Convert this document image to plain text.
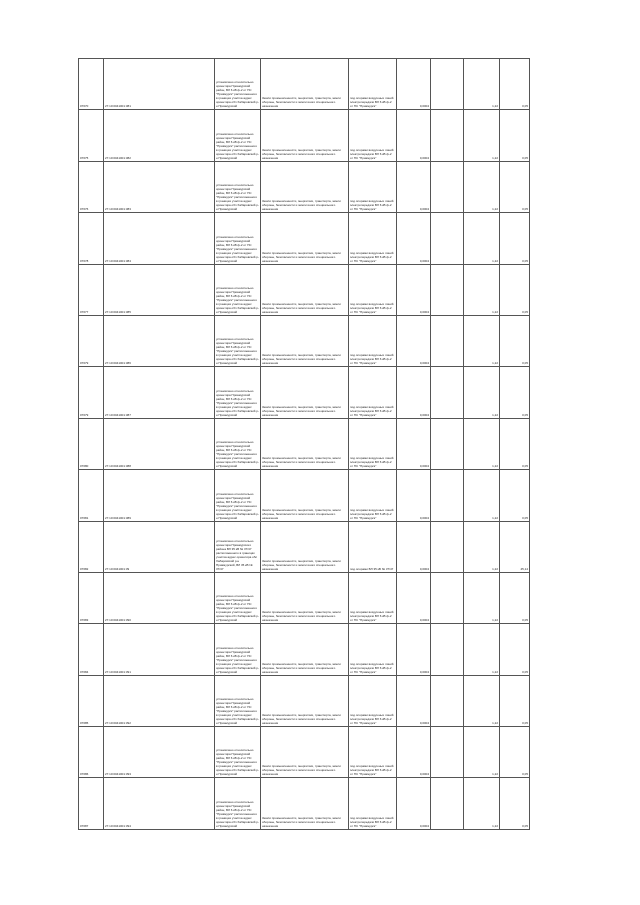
07670	27:10:0041001:381	установлено относительно ориентира Приамурский район, ВЛ 6 кВ ф-2 от ПС "Приамурск" расположенного в границах участка адрес ориентира обл Хабаровский р-н Приамурский	Земли промышленности, энергетики, транспорта, земли обороны, безопасности и земли иного специального назначения	под опорами воздушных линий электропередачи ВЛ 6 кВ ф-2 от ПС "Приамурск"	0,0004		1,22	0,05
07675	27:10:0041001:382	установлено относительно ориентира Приамурский район, ВЛ 6 кВ ф-2 от ПС "Приамурск" расположенного в границах участка адрес ориентира обл Хабаровский р-н Приамурский	Земли промышленности, энергетики, транспорта, земли обороны, безопасности и земли иного специального назначения	под опорами воздушных линий электропередачи ВЛ 6 кВ ф-2 от ПС "Приамурск"	0,0004		1,22	0,05
07676	27:10:0041001:383	установлено относительно ориентира Приамурский район, ВЛ 6 кВ ф-2 от ПС "Приамурск" расположенного в границах участка адрес ориентира обл Хабаровский р-н Приамурский	Земли промышленности, энергетики, транспорта, земли обороны, безопасности и земли иного специального назначения	под опорами воздушных линий электропередачи ВЛ 6 кВ ф-2 от ПС "Приамурск"	0,0004		1,22	0,05
07678	27:10:0041001:384	установлено относительно ориентира Приамурский район, ВЛ 6 кВ ф-2 от ПС "Приамурск" расположенного в границах участка адрес ориентира обл Хабаровский р-н Приамурский	Земли промышленности, энергетики, транспорта, земли обороны, безопасности и земли иного специального назначения	под опорами воздушных линий электропередачи ВЛ 6 кВ ф-2 от ПС "Приамурск"	0,0004		1,22	0,05
07677	27:10:0041001:385	установлено относительно ориентира Приамурский район, ВЛ 6 кВ ф-2 от ПС "Приамурск" расположенного в границах участка адрес ориентира обл Хабаровский р-н Приамурский	Земли промышленности, энергетики, транспорта, земли обороны, безопасности и земли иного специального назначения	под опорами воздушных линий электропередачи ВЛ 6 кВ ф-2 от ПС "Приамурск"	0,0004		1,22	0,05
07679	27:10:0041001:386	установлено относительно ориентира Приамурский район, ВЛ 6 кВ ф-2 от ПС "Приамурск" расположенного в границах участка адрес ориентира обл Хабаровский р-н Приамурский	Земли промышленности, энергетики, транспорта, земли обороны, безопасности и земли иного специального назначения	под опорами воздушных линий электропередачи ВЛ 6 кВ ф-2 от ПС "Приамурск"	0,0004		1,22	0,05
07679	27:10:0041001:387	установлено относительно ориентира Приамурский район, ВЛ 6 кВ ф-2 от ПС "Приамурск" расположенного в границах участка адрес ориентира обл Хабаровский р-н Приамурский	Земли промышленности, энергетики, транспорта, земли обороны, безопасности и земли иного специального назначения	под опорами воздушных линий электропередачи ВЛ 6 кВ ф-2 от ПС "Приамурск"	0,0004		1,22	0,05
07680	27:10:0041001:388	установлено относительно ориентира Приамурский район, ВЛ 6 кВ ф-2 от ПС "Приамурск" расположенного в границах участка адрес ориентира обл Хабаровский р-н Приамурский	Земли промышленности, энергетики, транспорта, земли обороны, безопасности и земли иного специального назначения	под опорами воздушных линий электропередачи ВЛ 6 кВ ф-2 от ПС "Приамурск"	0,0004		1,22	0,05
07681	27:10:0041001:389	установлено относительно ориентира Приамурский район, ВЛ 6 кВ ф-2 от ПС "Приамурск" расположенного в границах участка адрес ориентира обл Хабаровский р-н Приамурский	Земли промышленности, энергетики, транспорта, земли обороны, безопасности и земли иного специального назначения	под опорами воздушных линий электропередачи ВЛ 6 кВ ф-2 от ПС "Приамурск"	0,0004		1,22	0,05
07682	27:10:0041001:39	установлено относительно ориентира Приамурского района ВЛ 35 кВ № 37/47 расположенного в границах участка адрес ориентира обл Хабаровский р-н Приамурский, ВЛ 35 кВ № 37/47	Земли промышленности, энергетики, транспорта, земли обороны, безопасности и земли иного специального назначения	под опорами ВЛ 35 кВ № 37/47	0,0004		1,22	45,14
07683	27:10:0041001:390	установлено относительно ориентира Приамурский район, ВЛ 6 кВ ф-2 от ПС "Приамурск" расположенного в границах участка адрес ориентира обл Хабаровский р-н Приамурский	Земли промышленности, энергетики, транспорта, земли обороны, безопасности и земли иного специального назначения	под опорами воздушных линий электропередачи ВЛ 6 кВ ф-2 от ПС "Приамурск"	0,0004		1,22	0,05
07684	27:10:0041001:391	установлено относительно ориентира Приамурский район, ВЛ 6 кВ ф-2 от ПС "Приамурск" расположенного в границах участка адрес ориентира обл Хабаровский р-н Приамурский	Земли промышленности, энергетики, транспорта, земли обороны, безопасности и земли иного специального назначения	под опорами воздушных линий электропередачи ВЛ 6 кВ ф-2 от ПС "Приамурск"	0,0004		1,22	0,05
07685	27:10:0041001:392	установлено относительно ориентира Приамурский район, ВЛ 6 кВ ф-2 от ПС "Приамурск" расположенного в границах участка адрес ориентира обл Хабаровский р-н Приамурский	Земли промышленности, энергетики, транспорта, земли обороны, безопасности и земли иного специального назначения	под опорами воздушных линий электропередачи ВЛ 6 кВ ф-2 от ПС "Приамурск"	0,0004		1,22	0,05
07686	27:10:0041001:393	установлено относительно ориентира Приамурский район, ВЛ 6 кВ ф-2 от ПС "Приамурск" расположенного в границах участка адрес ориентира обл Хабаровский р-н Приамурский	Земли промышленности, энергетики, транспорта, земли обороны, безопасности и земли иного специального назначения	под опорами воздушных линий электропередачи ВЛ 6 кВ ф-2 от ПС "Приамурск"	0,0004		1,22	0,05
07687	27:10:0041001:394	установлено относительно ориентира Приамурский район, ВЛ 6 кВ ф-2 от ПС "Приамурск" расположенного в границах участка адрес ориентира обл Хабаровский р-н Приамурский	Земли промышленности, энергетики, транспорта, земли обороны, безопасности и земли иного специального назначения	под опорами воздушных линий электропередачи ВЛ 6 кВ ф-2 от ПС "Приамурск"	0,0004		1,22	0,05
